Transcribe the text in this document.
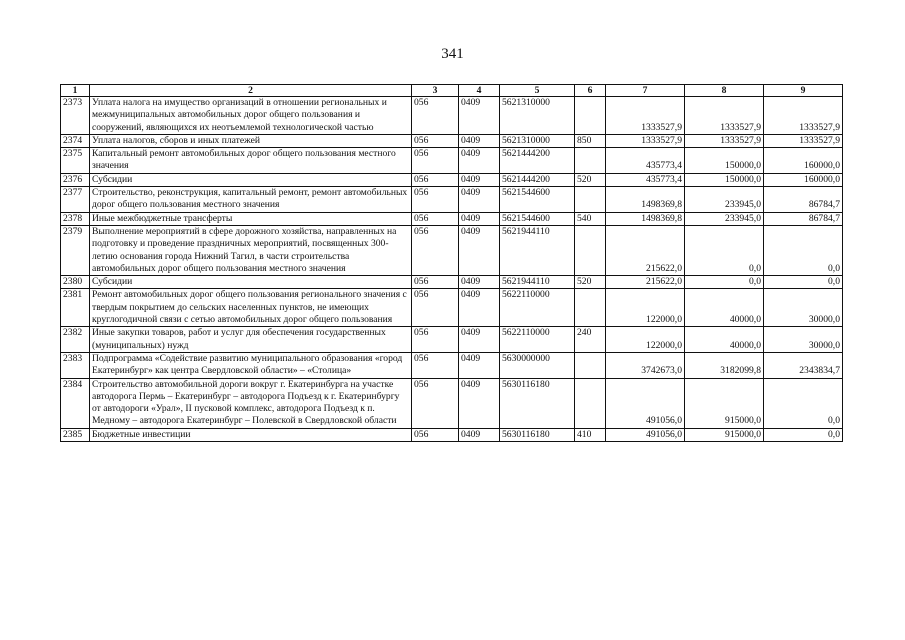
341
1	2	3	4	5	6	7	8	9
2373	Уплата налога на имущество организаций в отношении региональных и межмуниципальных автомобильных дорог общего пользования и сооружений, являющихся их неотъемлемой технологической частью	056	0409	5621310000		1333527,9	1333527,9	1333527,9
2374	Уплата налогов, сборов и иных платежей	056	0409	5621310000	850	1333527,9	1333527,9	1333527,9
2375	Капитальный ремонт автомобильных дорог общего пользования местного значения	056	0409	5621444200		435773,4	150000,0	160000,0
2376	Субсидии	056	0409	5621444200	520	435773,4	150000,0	160000,0
2377	Строительство, реконструкция, капитальный ремонт, ремонт автомобильных дорог общего пользования местного значения	056	0409	5621544600		1498369,8	233945,0	86784,7
2378	Иные межбюджетные трансферты	056	0409	5621544600	540	1498369,8	233945,0	86784,7
2379	Выполнение мероприятий в сфере дорожного хозяйства, направленных на подготовку и проведение праздничных мероприятий, посвященных 300-летию основания города Нижний Тагил, в части строительства автомобильных дорог общего пользования местного значения	056	0409	5621944110		215622,0	0,0	0,0
2380	Субсидии	056	0409	5621944110	520	215622,0	0,0	0,0
2381	Ремонт автомобильных дорог общего пользования регионального значения с твердым покрытием до сельских населенных пунктов, не имеющих круглогодичной связи с сетью автомобильных дорог общего пользования	056	0409	5622110000		122000,0	40000,0	30000,0
2382	Иные закупки товаров, работ и услуг для обеспечения государственных (муниципальных) нужд	056	0409	5622110000	240	122000,0	40000,0	30000,0
2383	Подпрограмма «Содействие развитию муниципального образования «город Екатеринбург» как центра Свердловской области» – «Столица»	056	0409	5630000000		3742673,0	3182099,8	2343834,7
2384	Строительство автомобильной дороги вокруг г. Екатеринбурга на участке автодорога Пермь – Екатеринбург – автодорога Подъезд к г. Екатеринбургу от автодороги «Урал», II пусковой комплекс, автодорога Подъезд к п. Медному – автодорога Екатеринбург – Полевской в Свердловской области	056	0409	5630116180		491056,0	915000,0	0,0
2385	Бюджетные инвестиции	056	0409	5630116180	410	491056,0	915000,0	0,0
